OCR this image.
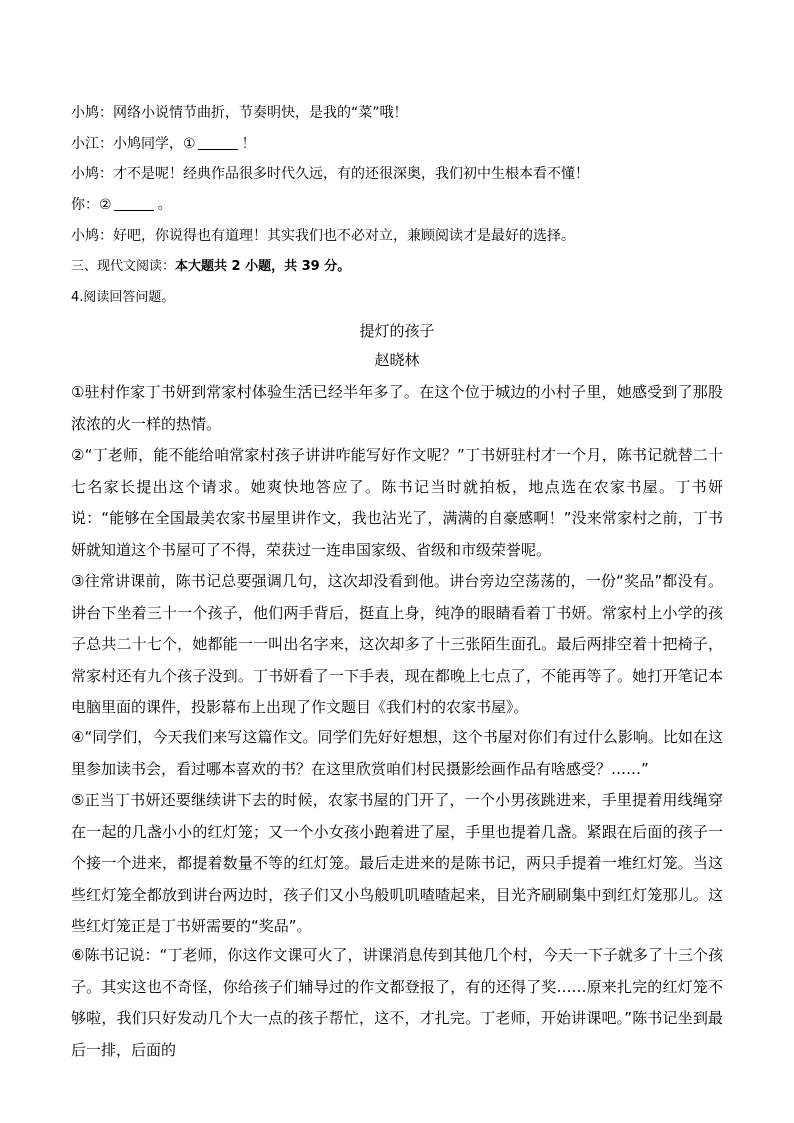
小鸠：网络小说情节曲折，节奏明快，是我的“菜”哦！
小江：小鸠同学，①	！
小鸠：才不是呢！经典作品很多时代久远，有的还很深奥，我们初中生根本看不懂！
你：②	。
小鸠：好吧，你说得也有道理！其实我们也不必对立，兼顾阅读才是最好的选择。
三、现代文阅读：本大题共 2 小题，共 39 分。
4.阅读回答问题。
提灯的孩子
赵晓林
①驻村作家丁书妍到常家村体验生活已经半年多了。在这个位于城边的小村子里，她感受到了那股浓浓的火一样的热情。
②“丁老师，能不能给咱常家村孩子讲讲咋能写好作文呢？”丁书妍驻村才一个月，陈书记就替二十七名家长提出这个请求。她爽快地答应了。陈书记当时就拍板，地点选在农家书屋。丁书妍说：“能够在全国最美农家书屋里讲作文，我也沾光了，满满的自豪感啊！”没来常家村之前，丁书妍就知道这个书屋可了不得，荣获过一连串国家级、省级和市级荣誉呢。
③往常讲课前，陈书记总要强调几句，这次却没看到他。讲台旁边空荡荡的，一份“奖品”都没有。讲台下坐着三十一个孩子，他们两手背后，挺直上身，纯净的眼睛看着丁书妍。常家村上小学的孩子总共二十七个，她都能一一叫出名字来，这次却多了十三张陌生面孔。最后两排空着十把椅子，常家村还有九个孩子没到。丁书妍看了一下手表，现在都晚上七点了，不能再等了。她打开笔记本电脑里面的课件，投影幕布上出现了作文题目《我们村的农家书屋》。
④“同学们，今天我们来写这篇作文。同学们先好好想想，这个书屋对你们有过什么影响。比如在这里参加读书会，看过哪本喜欢的书？在这里欣赏咱们村民摄影绘画作品有啥感受？……”
⑤正当丁书妍还要继续讲下去的时候，农家书屋的门开了，一个小男孩跳进来，手里提着用线绳穿在一起的几盏小小的红灯笼；又一个小女孩小跑着进了屋，手里也提着几盏。紧跟在后面的孩子一个接一个进来，都提着数量不等的红灯笼。最后走进来的是陈书记，两只手提着一堆红灯笼。当这些红灯笼全都放到讲台两边时，孩子们又小鸟般叽叽喳喳起来，目光齐刷刷集中到红灯笼那儿。这些红灯笼正是丁书妍需要的“奖品”。
⑥陈书记说：“丁老师，你这作文课可火了，讲课消息传到其他几个村，今天一下子就多了十三个孩子。其实这也不奇怪，你给孩子们辅导过的作文都登报了，有的还得了奖……原来扎完的红灯笼不够啦，我们只好发动几个大一点的孩子帮忙，这不，才扎完。丁老师，开始讲课吧。”陈书记坐到最后一排，后面的
